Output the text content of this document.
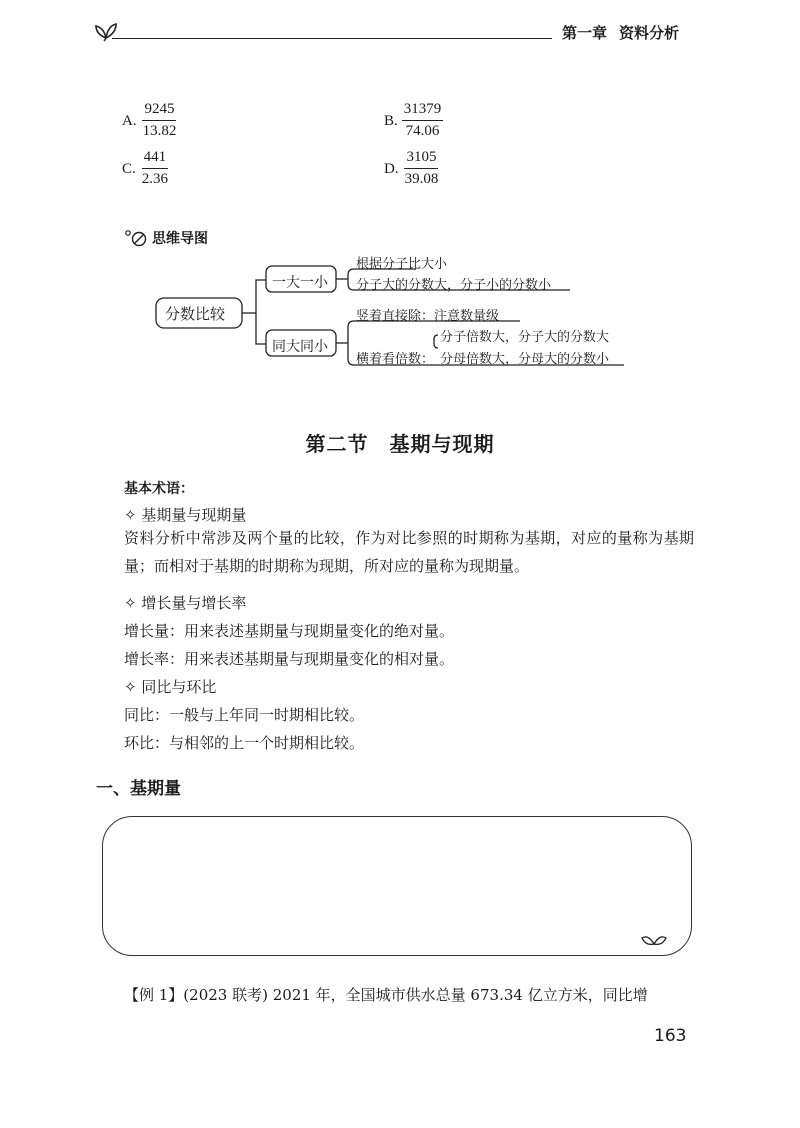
第一章 资料分析
A. $\frac{9245}{13.82}$	B. $\frac{31379}{74.06}$
C. $\frac{441}{2.36}$	D. $\frac{3105}{39.08}$
思维导图
分数比较
一大一小
同大同小
根据分子比大小
分子大的分数大，分子小的分数小
竖着直接除：注意数量级
横着看倍数：
分子倍数大，分子大的分数大
分母倍数大，分母大的分数小
第二节　基期与现期
基本术语：
✧ 基期量与现期量
资料分析中常涉及两个量的比较，作为对比参照的时期称为基期，对应的量称为基期量；而相对于基期的时期称为现期，所对应的量称为现期量。
✧ 增长量与增长率
增长量：用来表述基期量与现期量变化的绝对量。
增长率：用来表述基期量与现期量变化的相对量。
✧ 同比与环比
同比：一般与上年同一时期相比较。
环比：与相邻的上一个时期相比较。
一、基期量
【例 1】(2023 联考) 2021 年，全国城市供水总量 673.34 亿立方米，同比增
163
